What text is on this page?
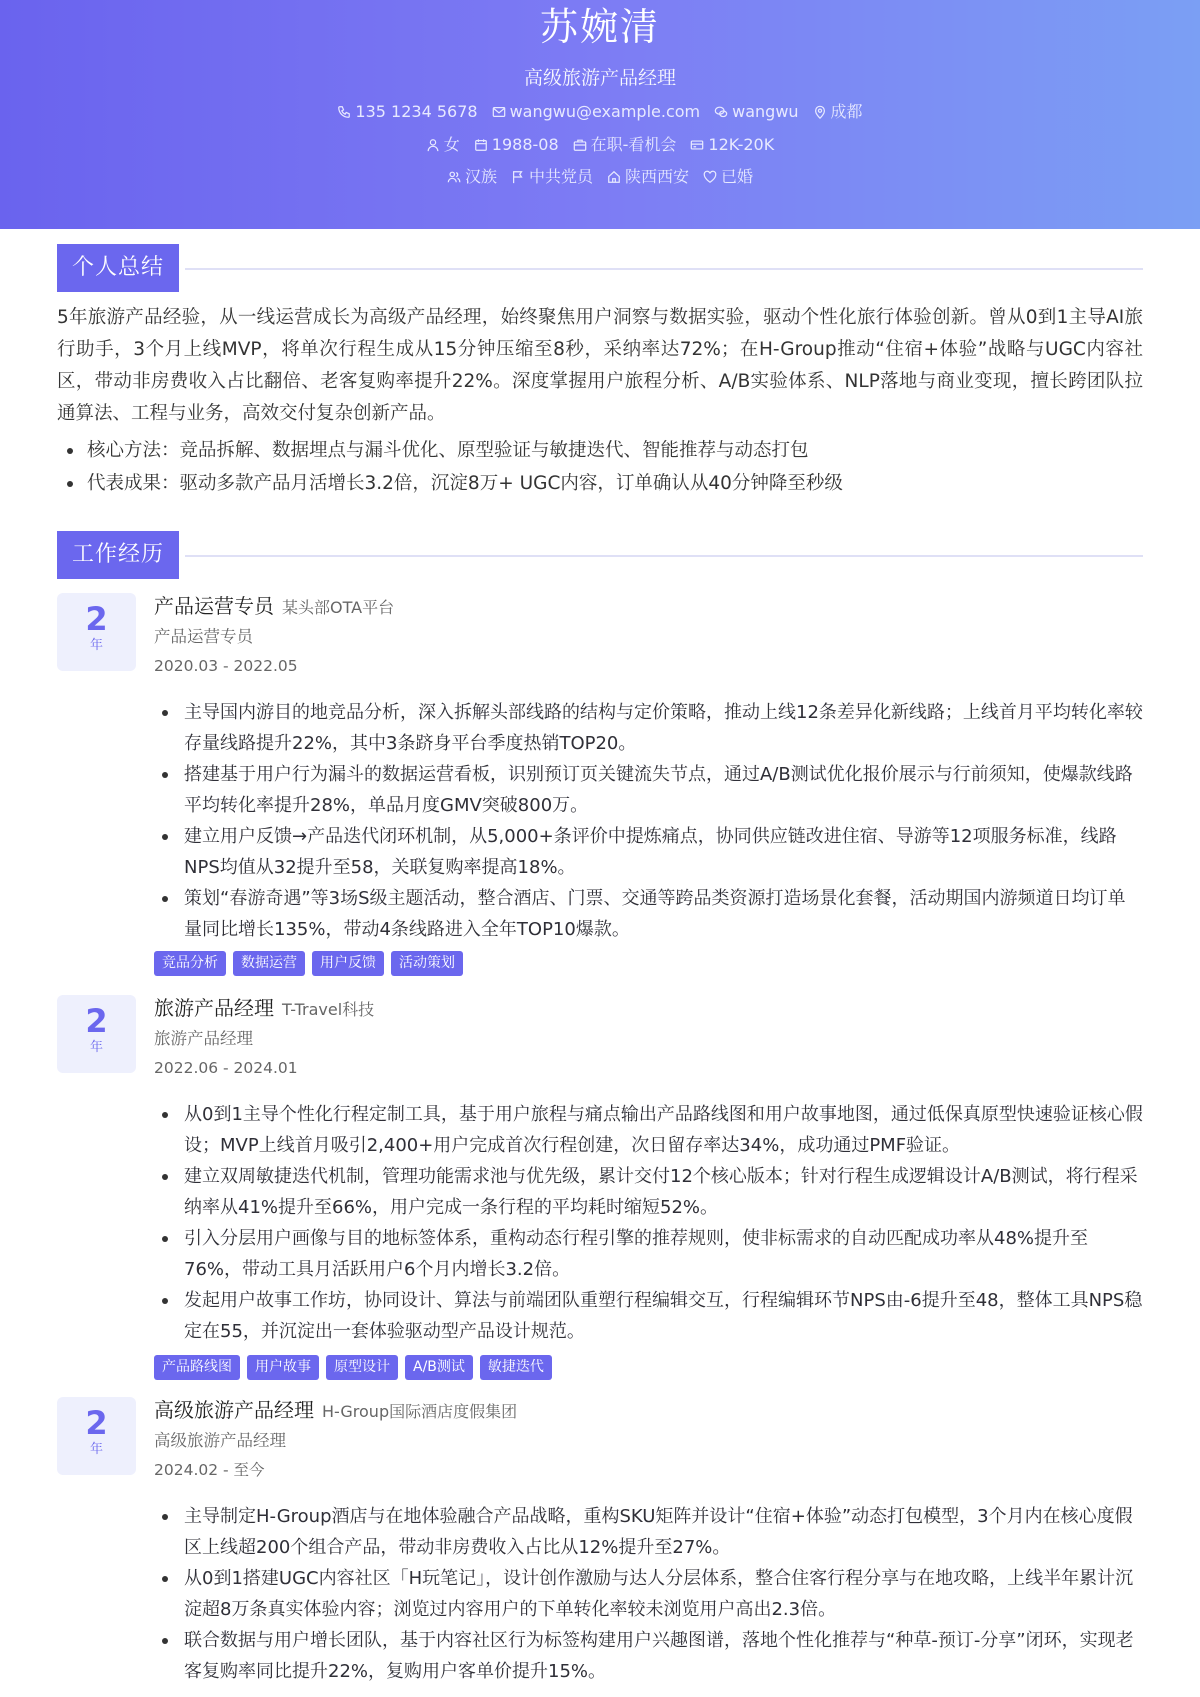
苏婉清
高级旅游产品经理
135 1234 5678 wangwu@example.com wangwu 成都
女 1988-08 在职-看机会 12K-20K
汉族 中共党员 陕西西安 已婚
个人总结
5年旅游产品经验，从一线运营成长为高级产品经理，始终聚焦用户洞察与数据实验，驱动个性化旅行体验创新。曾从0到1主导AI旅行助手，3个月上线MVP，将单次行程生成从15分钟压缩至8秒，采纳率达72%；在H-Group推动“住宿+体验”战略与UGC内容社区，带动非房费收入占比翻倍、老客复购率提升22%。深度掌握用户旅程分析、A/B实验体系、NLP落地与商业变现，擅长跨团队拉通算法、工程与业务，高效交付复杂创新产品。
核心方法：竞品拆解、数据埋点与漏斗优化、原型验证与敏捷迭代、智能推荐与动态打包
代表成果：驱动多款产品月活增长3.2倍，沉淀8万+ UGC内容，订单确认从40分钟降至秒级
工作经历
2
年
产品运营专员 某头部OTA平台
产品运营专员
2020.03 - 2022.05
主导国内游目的地竞品分析，深入拆解头部线路的结构与定价策略，推动上线12条差异化新线路；上线首月平均转化率较存量线路提升22%，其中3条跻身平台季度热销TOP20。
搭建基于用户行为漏斗的数据运营看板，识别预订页关键流失节点，通过A/B测试优化报价展示与行前须知，使爆款线路平均转化率提升28%，单品月度GMV突破800万。
建立用户反馈→产品迭代闭环机制，从5,000+条评价中提炼痛点，协同供应链改进住宿、导游等12项服务标准，线路NPS均值从32提升至58，关联复购率提高18%。
策划“春游奇遇”等3场S级主题活动，整合酒店、门票、交通等跨品类资源打造场景化套餐，活动期国内游频道日均订单量同比增长135%，带动4条线路进入全年TOP10爆款。
竞品分析	数据运营	用户反馈	活动策划
2
年
旅游产品经理 T-Travel科技
旅游产品经理
2022.06 - 2024.01
从0到1主导个性化行程定制工具，基于用户旅程与痛点输出产品路线图和用户故事地图，通过低保真原型快速验证核心假设；MVP上线首月吸引2,400+用户完成首次行程创建，次日留存率达34%，成功通过PMF验证。
建立双周敏捷迭代机制，管理功能需求池与优先级，累计交付12个核心版本；针对行程生成逻辑设计A/B测试，将行程采纳率从41%提升至66%，用户完成一条行程的平均耗时缩短52%。
引入分层用户画像与目的地标签体系，重构动态行程引擎的推荐规则，使非标需求的自动匹配成功率从48%提升至76%，带动工具月活跃用户6个月内增长3.2倍。
发起用户故事工作坊，协同设计、算法与前端团队重塑行程编辑交互，行程编辑环节NPS由-6提升至48，整体工具NPS稳定在55，并沉淀出一套体验驱动型产品设计规范。
产品路线图	用户故事	原型设计	A/B测试	敏捷迭代
2
年
高级旅游产品经理 H-Group国际酒店度假集团
高级旅游产品经理
2024.02 - 至今
主导制定H-Group酒店与在地体验融合产品战略，重构SKU矩阵并设计“住宿+体验”动态打包模型，3个月内在核心度假区上线超200个组合产品，带动非房费收入占比从12%提升至27%。
从0到1搭建UGC内容社区「H玩笔记」，设计创作激励与达人分层体系，整合住客行程分享与在地攻略，上线半年累计沉淀超8万条真实体验内容；浏览过内容用户的下单转化率较未浏览用户高出2.3倍。
联合数据与用户增长团队，基于内容社区行为标签构建用户兴趣图谱，落地个性化推荐与“种草-预订-分享”闭环，实现老客复购率同比提升22%，复购用户客单价提升15%。
